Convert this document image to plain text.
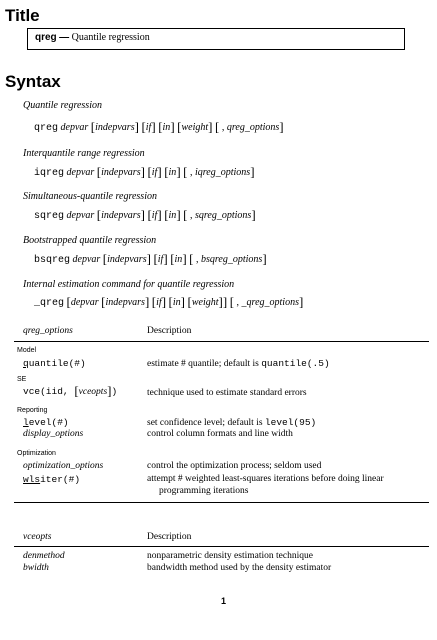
Title
qreg — Quantile regression
Syntax
Quantile regression
qreg depvar [indepvars] [if] [in] [weight] [ , qreg_options]
Interquantile range regression
iqreg depvar [indepvars] [if] [in] [ , iqreg_options]
Simultaneous-quantile regression
sqreg depvar [indepvars] [if] [in] [ , sqreg_options]
Bootstrapped quantile regression
bsqreg depvar [indepvars] [if] [in] [ , bsqreg_options]
Internal estimation command for quantile regression
_qreg [depvar [indepvars] [if] [in] [weight]] [ , _qreg_options]
qreg_options	Description
Model
quantile(#)	estimate # quantile; default is quantile(.5)
SE
vce(iid, [vceopts])	technique used to estimate standard errors
Reporting
level(#)	set confidence level; default is level(95)
display_options	control column formats and line width
Optimization
optimization_options	control the optimization process; seldom used
wlsiter(#)	attempt # weighted least-squares iterations before doing linear
programming iterations
vceopts	Description
denmethod	nonparametric density estimation technique
bwidth	bandwidth method used by the density estimator
1
